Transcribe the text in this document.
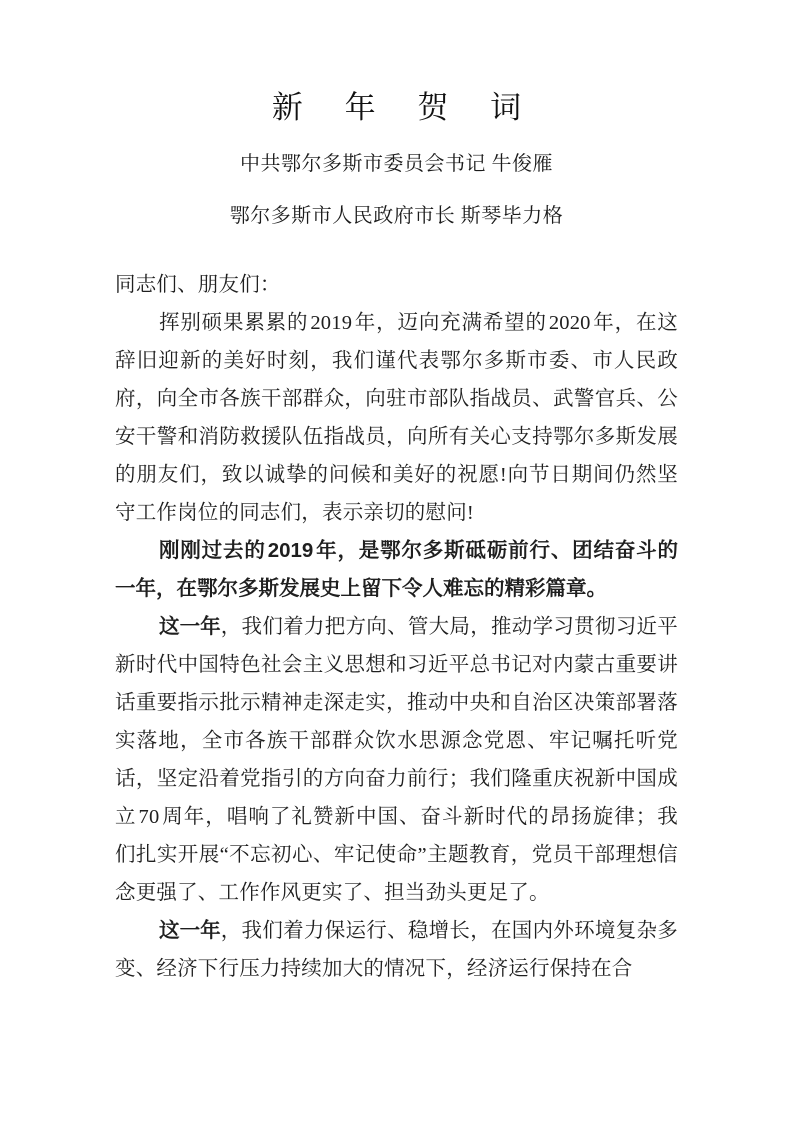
新 年 贺 词

中共鄂尔多斯市委员会书记 牛俊雁

鄂尔多斯市人民政府市长 斯琴毕力格

同志们、朋友们：

挥别硕果累累的2019年，迈向充满希望的2020年，在这辞旧迎新的美好时刻，我们谨代表鄂尔多斯市委、市人民政府，向全市各族干部群众，向驻市部队指战员、武警官兵、公安干警和消防救援队伍指战员，向所有关心支持鄂尔多斯发展的朋友们，致以诚挚的问候和美好的祝愿!向节日期间仍然坚守工作岗位的同志们，表示亲切的慰问!

刚刚过去的2019年，是鄂尔多斯砥砺前行、团结奋斗的一年，在鄂尔多斯发展史上留下令人难忘的精彩篇章。

这一年，我们着力把方向、管大局，推动学习贯彻习近平新时代中国特色社会主义思想和习近平总书记对内蒙古重要讲话重要指示批示精神走深走实，推动中央和自治区决策部署落实落地，全市各族干部群众饮水思源念党恩、牢记嘱托听党话，坚定沿着党指引的方向奋力前行；我们隆重庆祝新中国成立70周年，唱响了礼赞新中国、奋斗新时代的昂扬旋律；我们扎实开展“不忘初心、牢记使命”主题教育，党员干部理想信念更强了、工作作风更实了、担当劲头更足了。

这一年，我们着力保运行、稳增长，在国内外环境复杂多变、经济下行压力持续加大的情况下，经济运行保持在合
